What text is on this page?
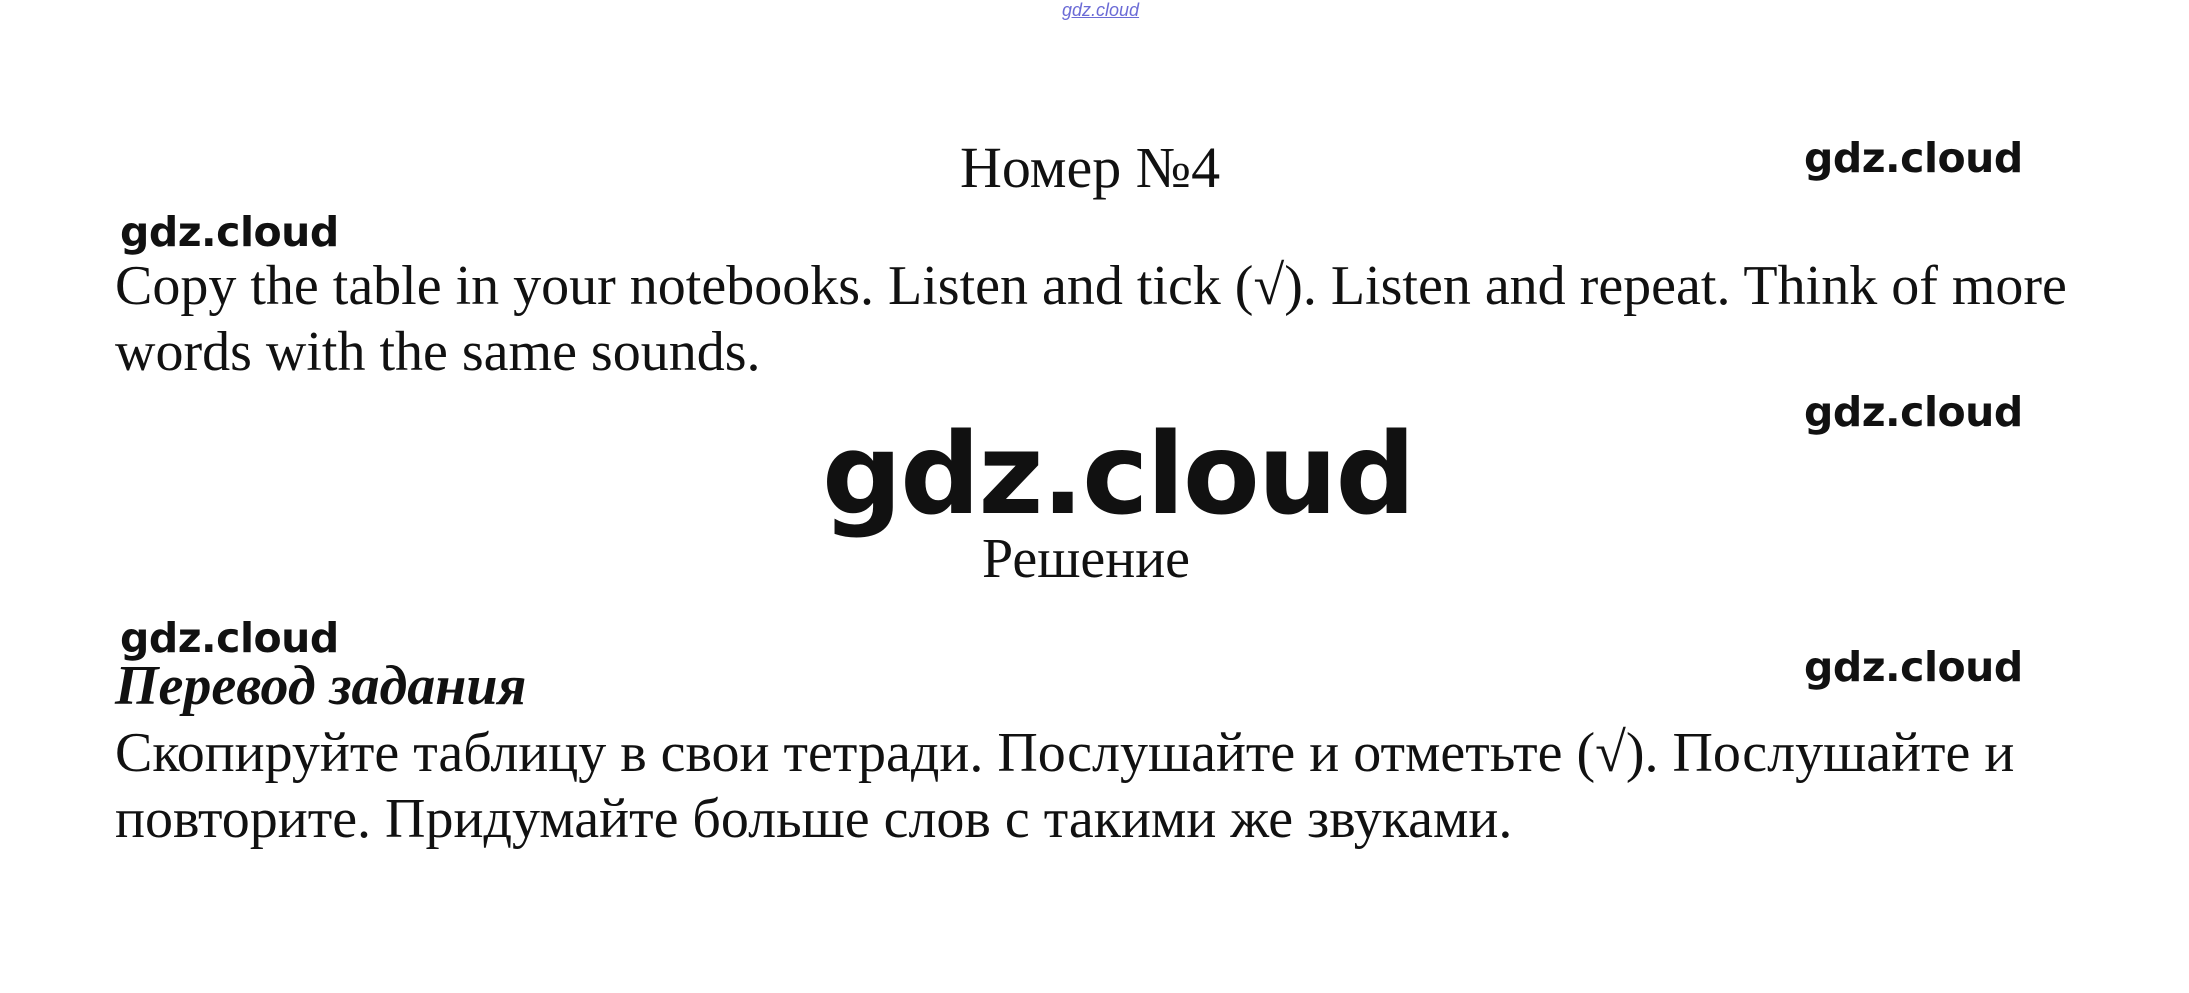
gdz.cloud
Номер №4	gdz.cloud
gdz.cloud

Copy the table in your notebooks. Listen and tick (√). Listen and repeat. Think of more words with the same sounds.

gdz.cloud
gdz.cloud
Решение
gdz.cloud
gdz.cloud
Перевод задания

Скопируйте таблицу в свои тетради. Послушайте и отметьте (√). Послушайте и повторите. Придумайте больше слов с такими же звуками.
